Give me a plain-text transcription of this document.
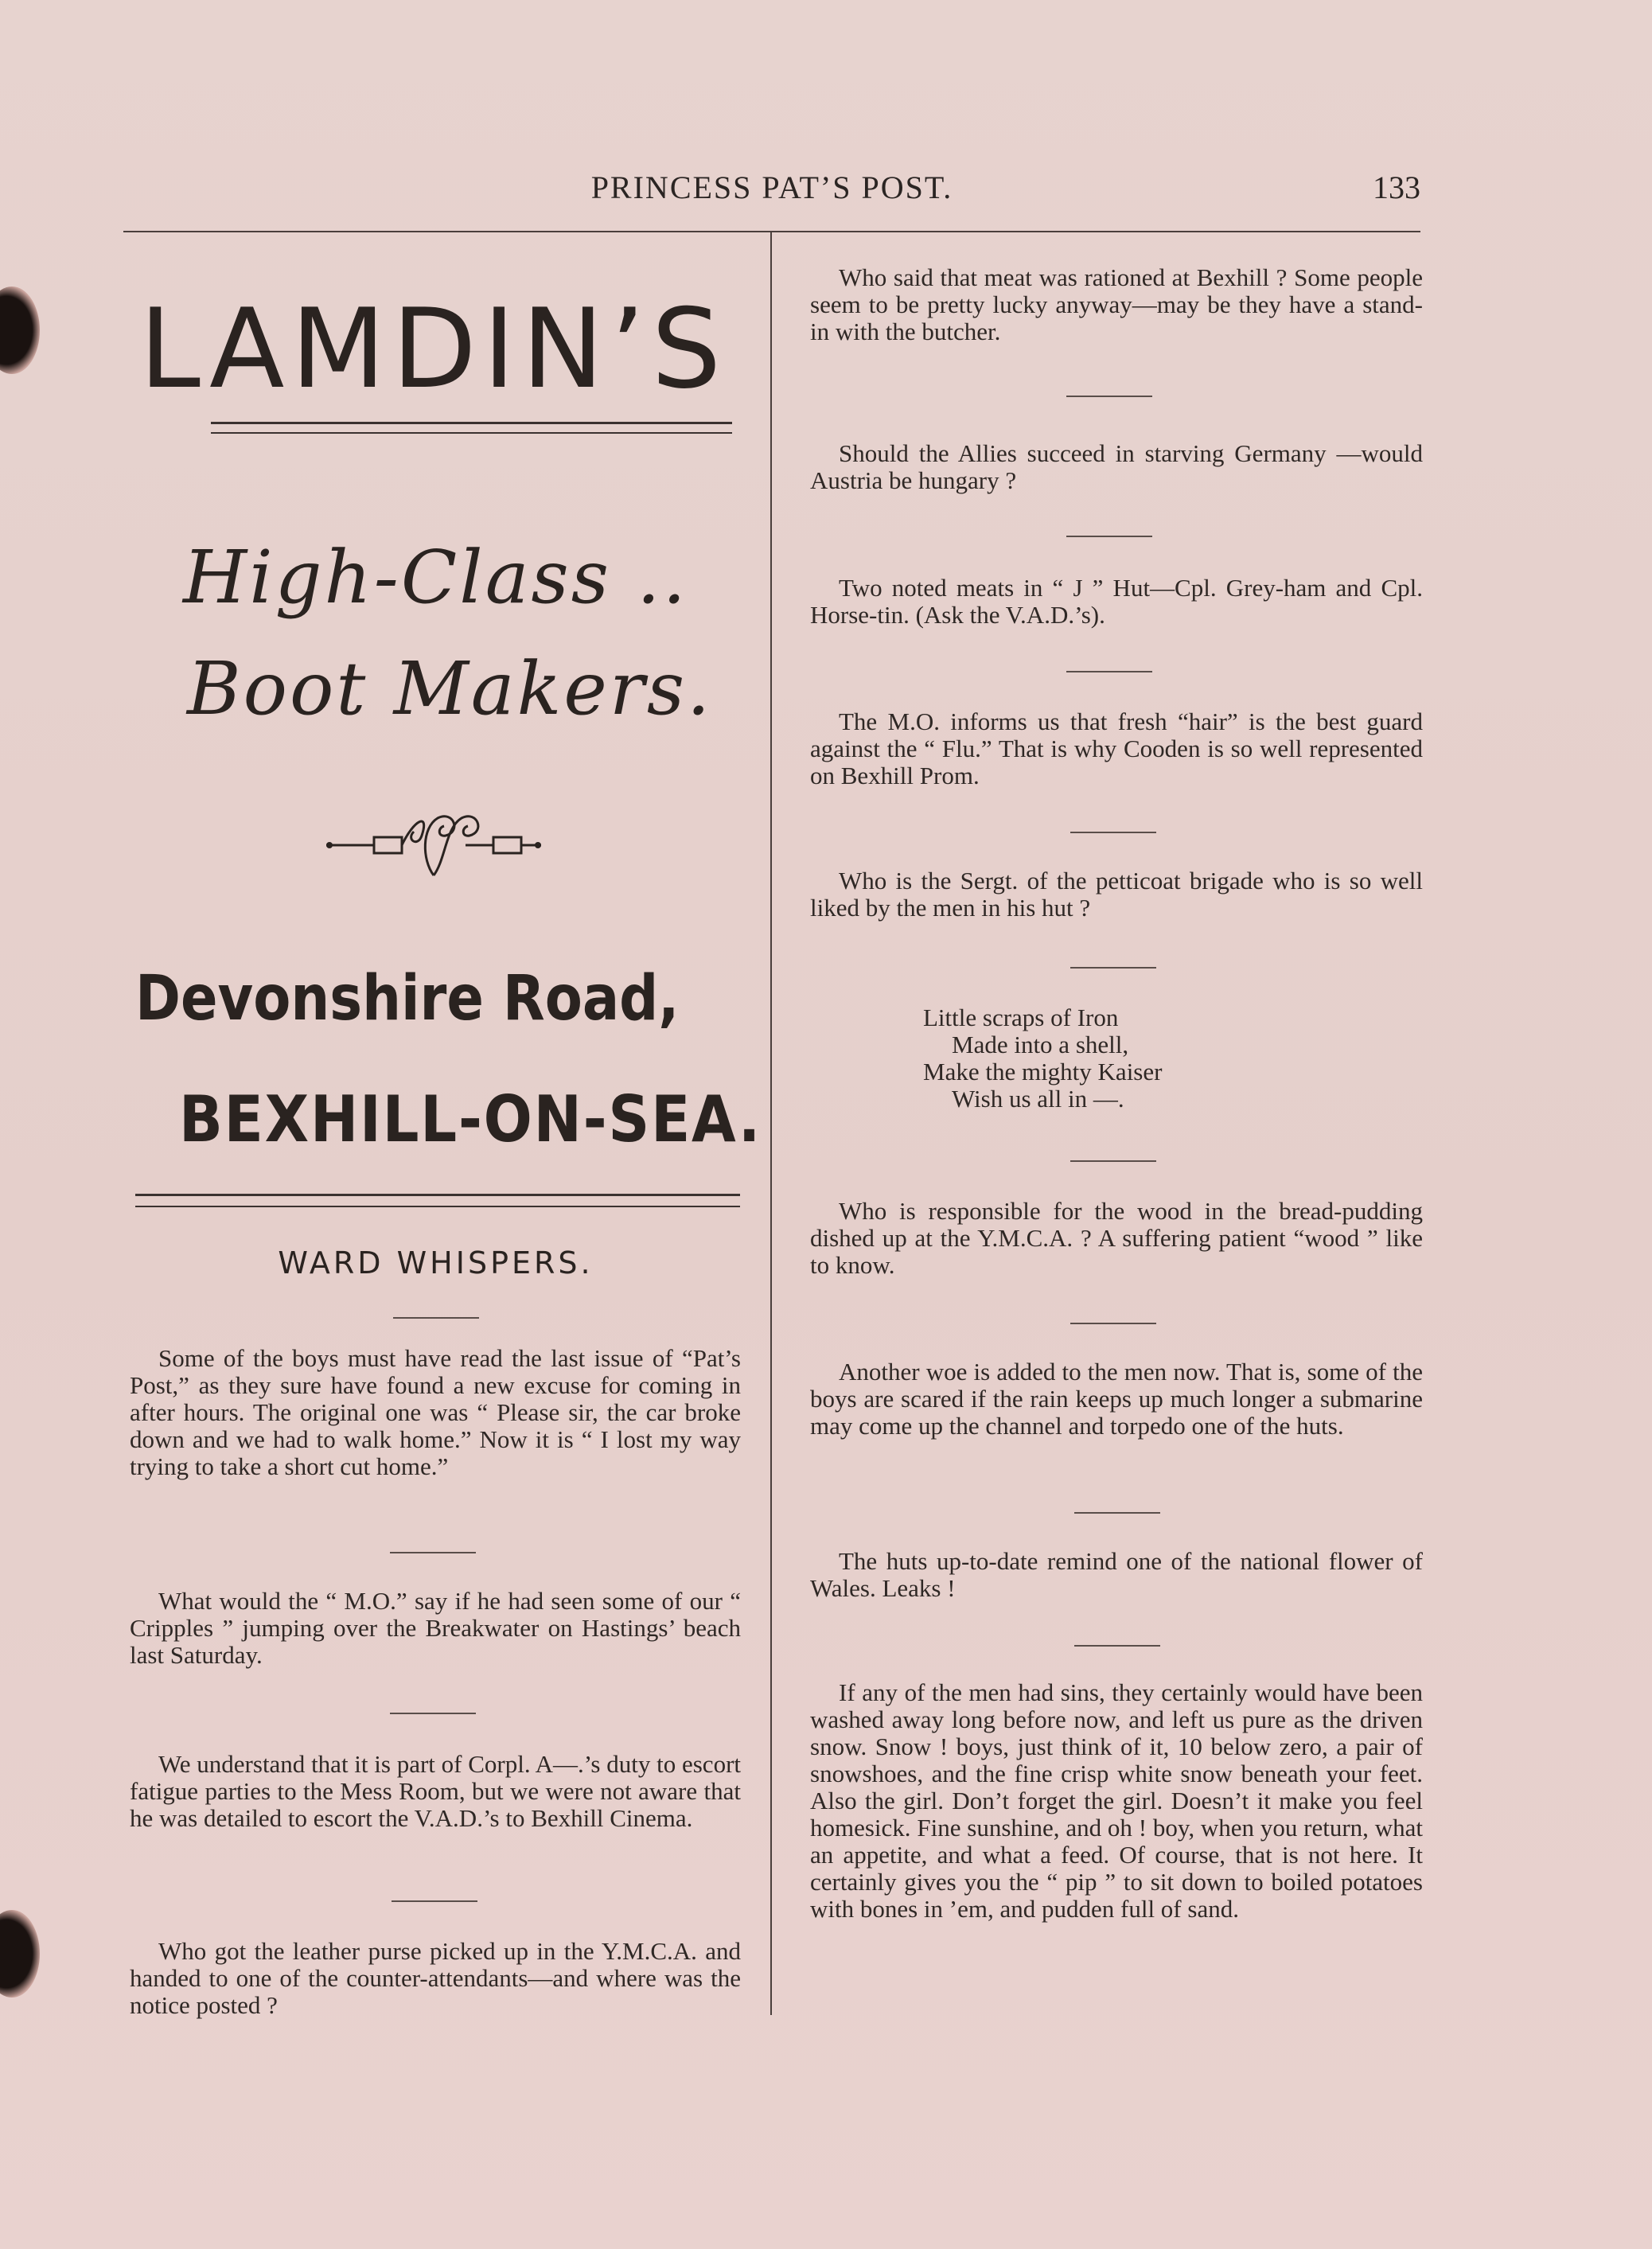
PRINCESS PAT’S POST.	133
LAMDIN’S
High-Class ..
Boot Makers.
Devonshire Road,
BEXHILL-ON-SEA.
WARD WHISPERS.
Some of the boys must have read the last issue of “Pat’s Post,” as they sure have found a new excuse for coming in after hours. The original one was “ Please sir, the car broke down and we had to walk home.” Now it is “ I lost my way trying to take a short cut home.”
What would the “ M.O.” say if he had seen some of our “ Cripples ” jumping over the Breakwater on Hastings’ beach last Saturday.
We understand that it is part of Corpl. A—.’s duty to escort fatigue parties to the Mess Room, but we were not aware that he was detailed to escort the V.A.D.’s to Bexhill Cinema.
Who got the leather purse picked up in the Y.M.C.A. and handed to one of the counter-attendants—and where was the notice posted ?
Who said that meat was rationed at Bexhill ? Some people seem to be pretty lucky anyway—may be they have a stand-in with the butcher.
Should the Allies succeed in starving Germany —would Austria be hungary ?
Two noted meats in “ J ” Hut—Cpl. Grey-ham and Cpl. Horse-tin. (Ask the V.A.D.’s).
The M.O. informs us that fresh “hair” is the best guard against the “ Flu.” That is why Cooden is so well represented on Bexhill Prom.
Who is the Sergt. of the petticoat brigade who is so well liked by the men in his hut ?
Little scraps of Iron
Made into a shell,
Make the mighty Kaiser
Wish us all in —.
Who is responsible for the wood in the bread-pudding dished up at the Y.M.C.A. ? A suffering patient “wood ” like to know.
Another woe is added to the men now. That is, some of the boys are scared if the rain keeps up much longer a submarine may come up the channel and torpedo one of the huts.
The huts up-to-date remind one of the national flower of Wales. Leaks !
If any of the men had sins, they certainly would have been washed away long before now, and left us pure as the driven snow. Snow ! boys, just think of it, 10 below zero, a pair of snowshoes, and the fine crisp white snow beneath your feet. Also the girl. Don’t forget the girl. Doesn’t it make you feel homesick. Fine sunshine, and oh ! boy, when you return, what an appetite, and what a feed. Of course, that is not here. It certainly gives you the “ pip ” to sit down to boiled potatoes with bones in ’em, and pudden full of sand.
